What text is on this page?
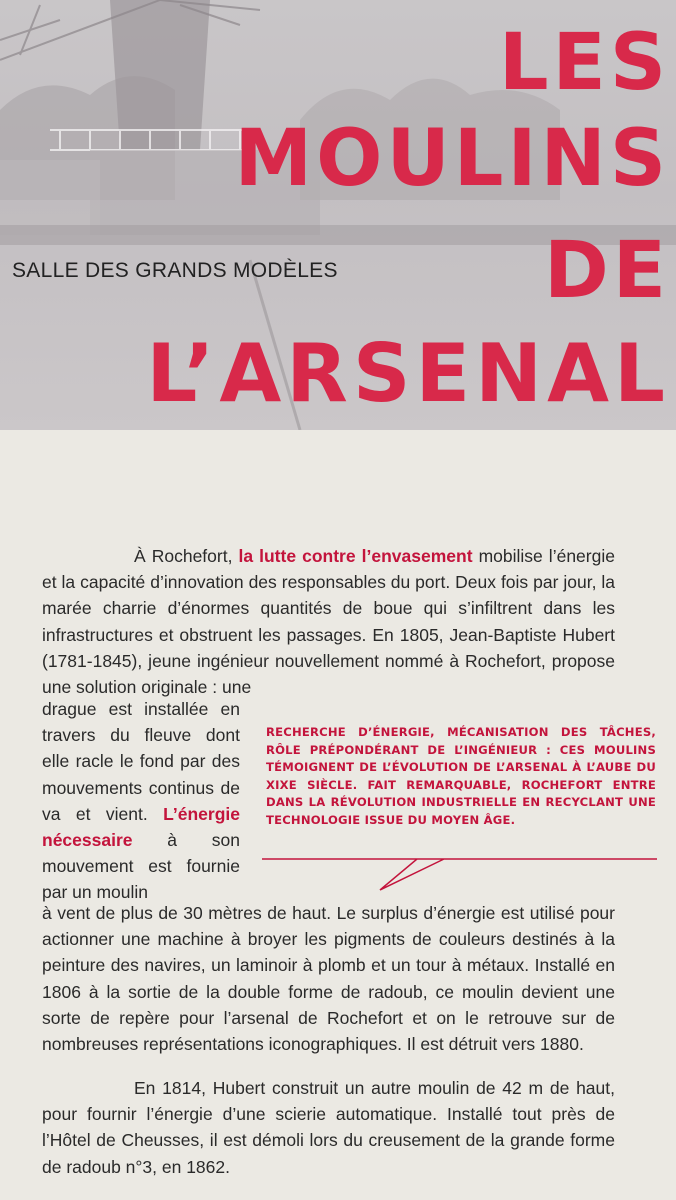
SALLE DES GRANDS MODÈLES
LES
MOULINS
DE
L’ARSENAL
À Rochefort, la lutte contre l’envasement mobilise l’énergie et la capacité d’innovation des responsables du port. Deux fois par jour, la marée charrie d’énormes quantités de boue qui s’infiltrent dans les infrastructures et obstruent les passages. En 1805, Jean-Baptiste Hubert (1781-1845), jeune ingénieur nouvellement nommé à Rochefort, propose une solution originale : une
drague est installée en travers du fleuve dont elle racle le fond par des mouvements continus de va et vient. L’énergie nécessaire à son mouvement est fournie par un moulin
RECHERCHE D’ÉNERGIE, MÉCANISATION DES TÂCHES, RÔLE PRÉPONDÉRANT DE L’INGÉNIEUR : CES MOULINS TÉMOIGNENT DE L’ÉVOLUTION DE L’ARSENAL À L’AUBE DU XIXE SIÈCLE. FAIT REMARQUABLE, ROCHEFORT ENTRE DANS LA RÉVOLUTION INDUSTRIELLE EN RECYCLANT UNE TECHNOLOGIE ISSUE DU MOYEN ÂGE.
à vent de plus de 30 mètres de haut. Le surplus d’énergie est utilisé pour actionner une machine à broyer les pigments de couleurs destinés à la peinture des navires, un laminoir à plomb et un tour à métaux. Installé en 1806 à la sortie de la double forme de radoub, ce moulin devient une sorte de repère pour l’arsenal de Rochefort et on le retrouve sur de nombreuses représentations iconographiques. Il est détruit vers 1880.
En 1814, Hubert construit un autre moulin de 42 m de haut, pour fournir l’énergie d’une scierie automatique. Installé tout près de l’Hôtel de Cheusses, il est démoli lors du creusement de la grande forme de radoub n°3, en 1862.
